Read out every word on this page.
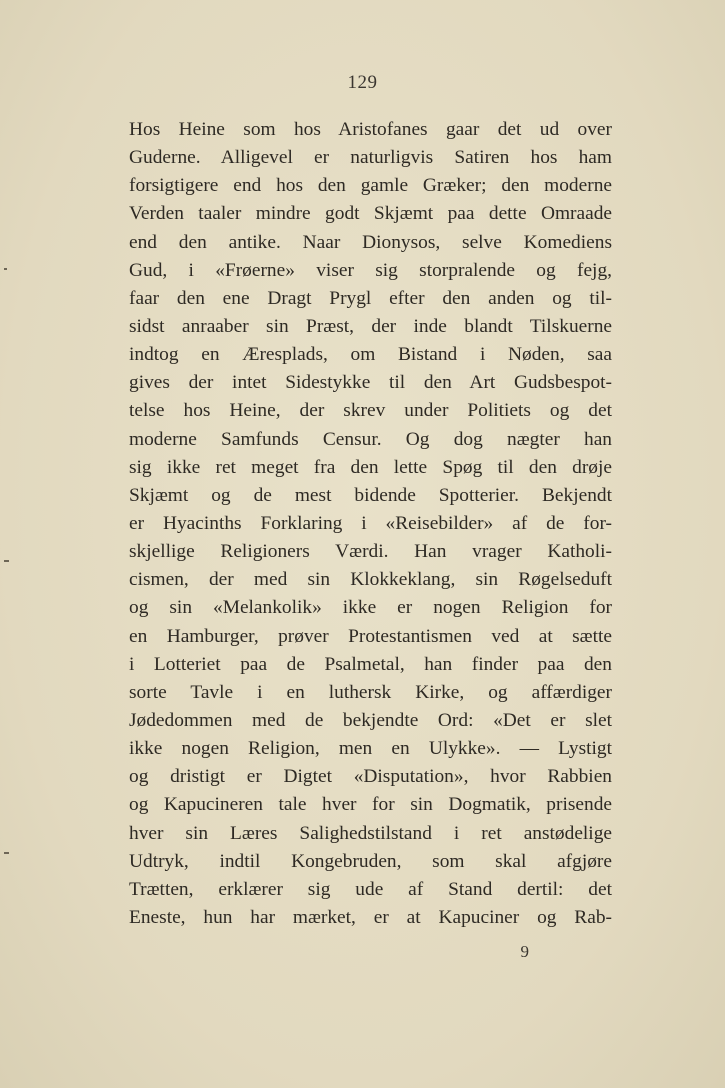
129
Hos Heine som hos Aristofanes gaar det ud over
Guderne. Alligevel er naturligvis Satiren hos ham
forsigtigere end hos den gamle Græker; den moderne
Verden taaler mindre godt Skjæmt paa dette Omraade
end den antike. Naar Dionysos, selve Komediens
Gud, i «Frøerne» viser sig storpralende og fejg,
faar den ene Dragt Prygl efter den anden og til-
sidst anraaber sin Præst, der inde blandt Tilskuerne
indtog en Æresplads, om Bistand i Nøden, saa
gives der intet Sidestykke til den Art Gudsbespot-
telse hos Heine, der skrev under Politiets og det
moderne Samfunds Censur. Og dog nægter han
sig ikke ret meget fra den lette Spøg til den drøje
Skjæmt og de mest bidende Spotterier. Bekjendt
er Hyacinths Forklaring i «Reisebilder» af de for-
skjellige Religioners Værdi. Han vrager Katholi-
cismen, der med sin Klokkeklang, sin Røgelseduft
og sin «Melankolik» ikke er nogen Religion for
en Hamburger, prøver Protestantismen ved at sætte
i Lotteriet paa de Psalmetal, han finder paa den
sorte Tavle i en luthersk Kirke, og affærdiger
Jødedommen med de bekjendte Ord: «Det er slet
ikke nogen Religion, men en Ulykke». — Lystigt
og dristigt er Digtet «Disputation», hvor Rabbien
og Kapucineren tale hver for sin Dogmatik, prisende
hver sin Læres Salighedstilstand i ret anstødelige
Udtryk, indtil Kongebruden, som skal afgjøre
Trætten, erklærer sig ude af Stand dertil: det
Eneste, hun har mærket, er at Kapuciner og Rab-
9
